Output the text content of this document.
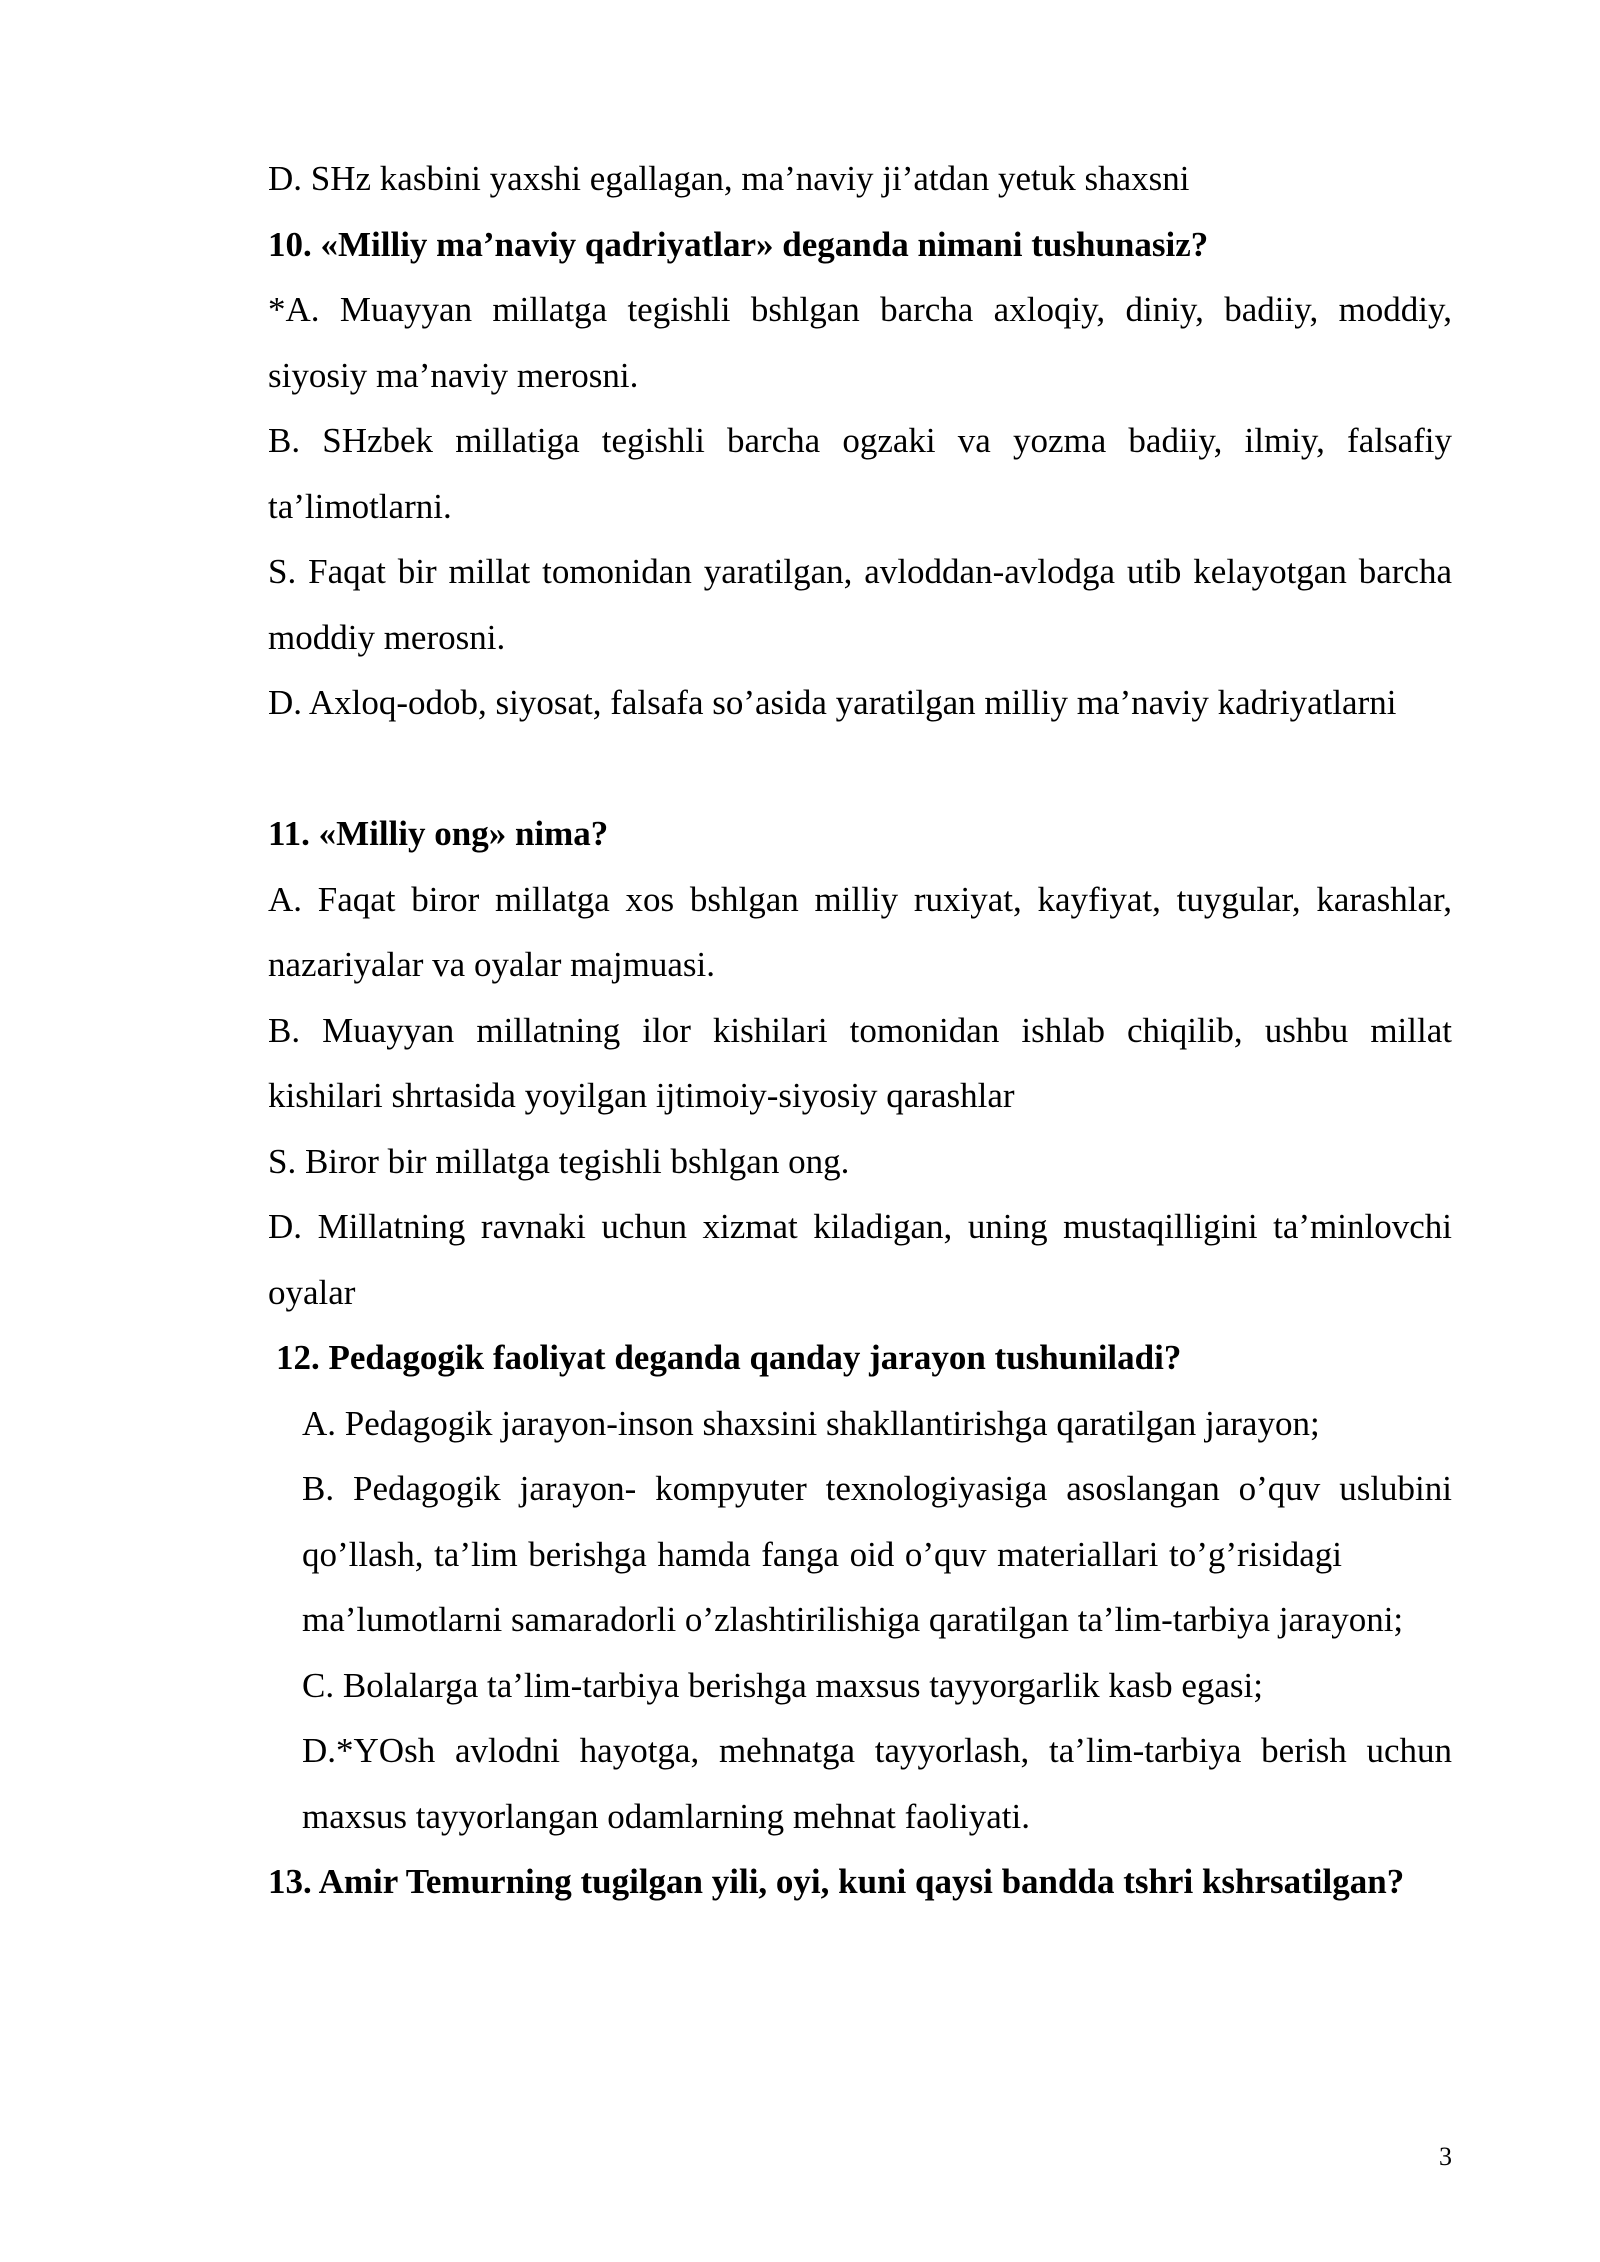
D. SHz kasbini yaxshi egallagan, ma’naviy ji’atdan yetuk shaxsni

10. «Milliy ma’naviy qadriyatlar» deganda nimani tushunasiz?

*A. Muayyan millatga tegishli bshlgan barcha axloqiy, diniy, badiiy, moddiy, siyosiy ma’naviy merosni.

B. SHzbek millatiga tegishli barcha ogzaki va yozma badiiy, ilmiy, falsafiy ta’limotlarni.

S. Faqat bir millat tomonidan yaratilgan, avloddan-avlodga utib kelayotgan barcha moddiy merosni.

D. Axloq-odob, siyosat, falsafa so’asida yaratilgan milliy ma’naviy kadriyatlarni

11. «Milliy ong» nima?

A. Faqat biror millatga xos bshlgan milliy ruxiyat, kayfiyat, tuygular, karashlar, nazariyalar va oyalar majmuasi.

B. Muayyan millatning ilor kishilari tomonidan ishlab chiqilib, ushbu millat kishilari shrtasida yoyilgan ijtimoiy-siyosiy qarashlar

S. Biror bir millatga tegishli bshlgan ong.

D. Millatning ravnaki uchun xizmat kiladigan, uning mustaqilligini ta’minlovchi oyalar

12. Pedagogik faoliyat deganda qanday jarayon tushuniladi?

A. Pedagogik jarayon-inson shaxsini shakllantirishga qaratilgan jarayon;

B. Pedagogik jarayon- kompyuter texnologiyasiga asoslangan o’quv uslubini qo’llash, ta’lim berishga hamda fanga oid o’quv materiallari to’g’risidagima’lumotlarni samaradorli o’zlashtirilishiga qaratilgan ta’lim-tarbiya jarayoni;

C. Bolalarga ta’lim-tarbiya berishga maxsus tayyorgarlik kasb egasi;

D.*YOsh avlodni hayotga, mehnatga tayyorlash, ta’lim-tarbiya berish uchun maxsus tayyorlangan odamlarning mehnat faoliyati.

13. Amir Temurning tugilgan yili, oyi, kuni qaysi bandda tshri kshrsatilgan?

3
